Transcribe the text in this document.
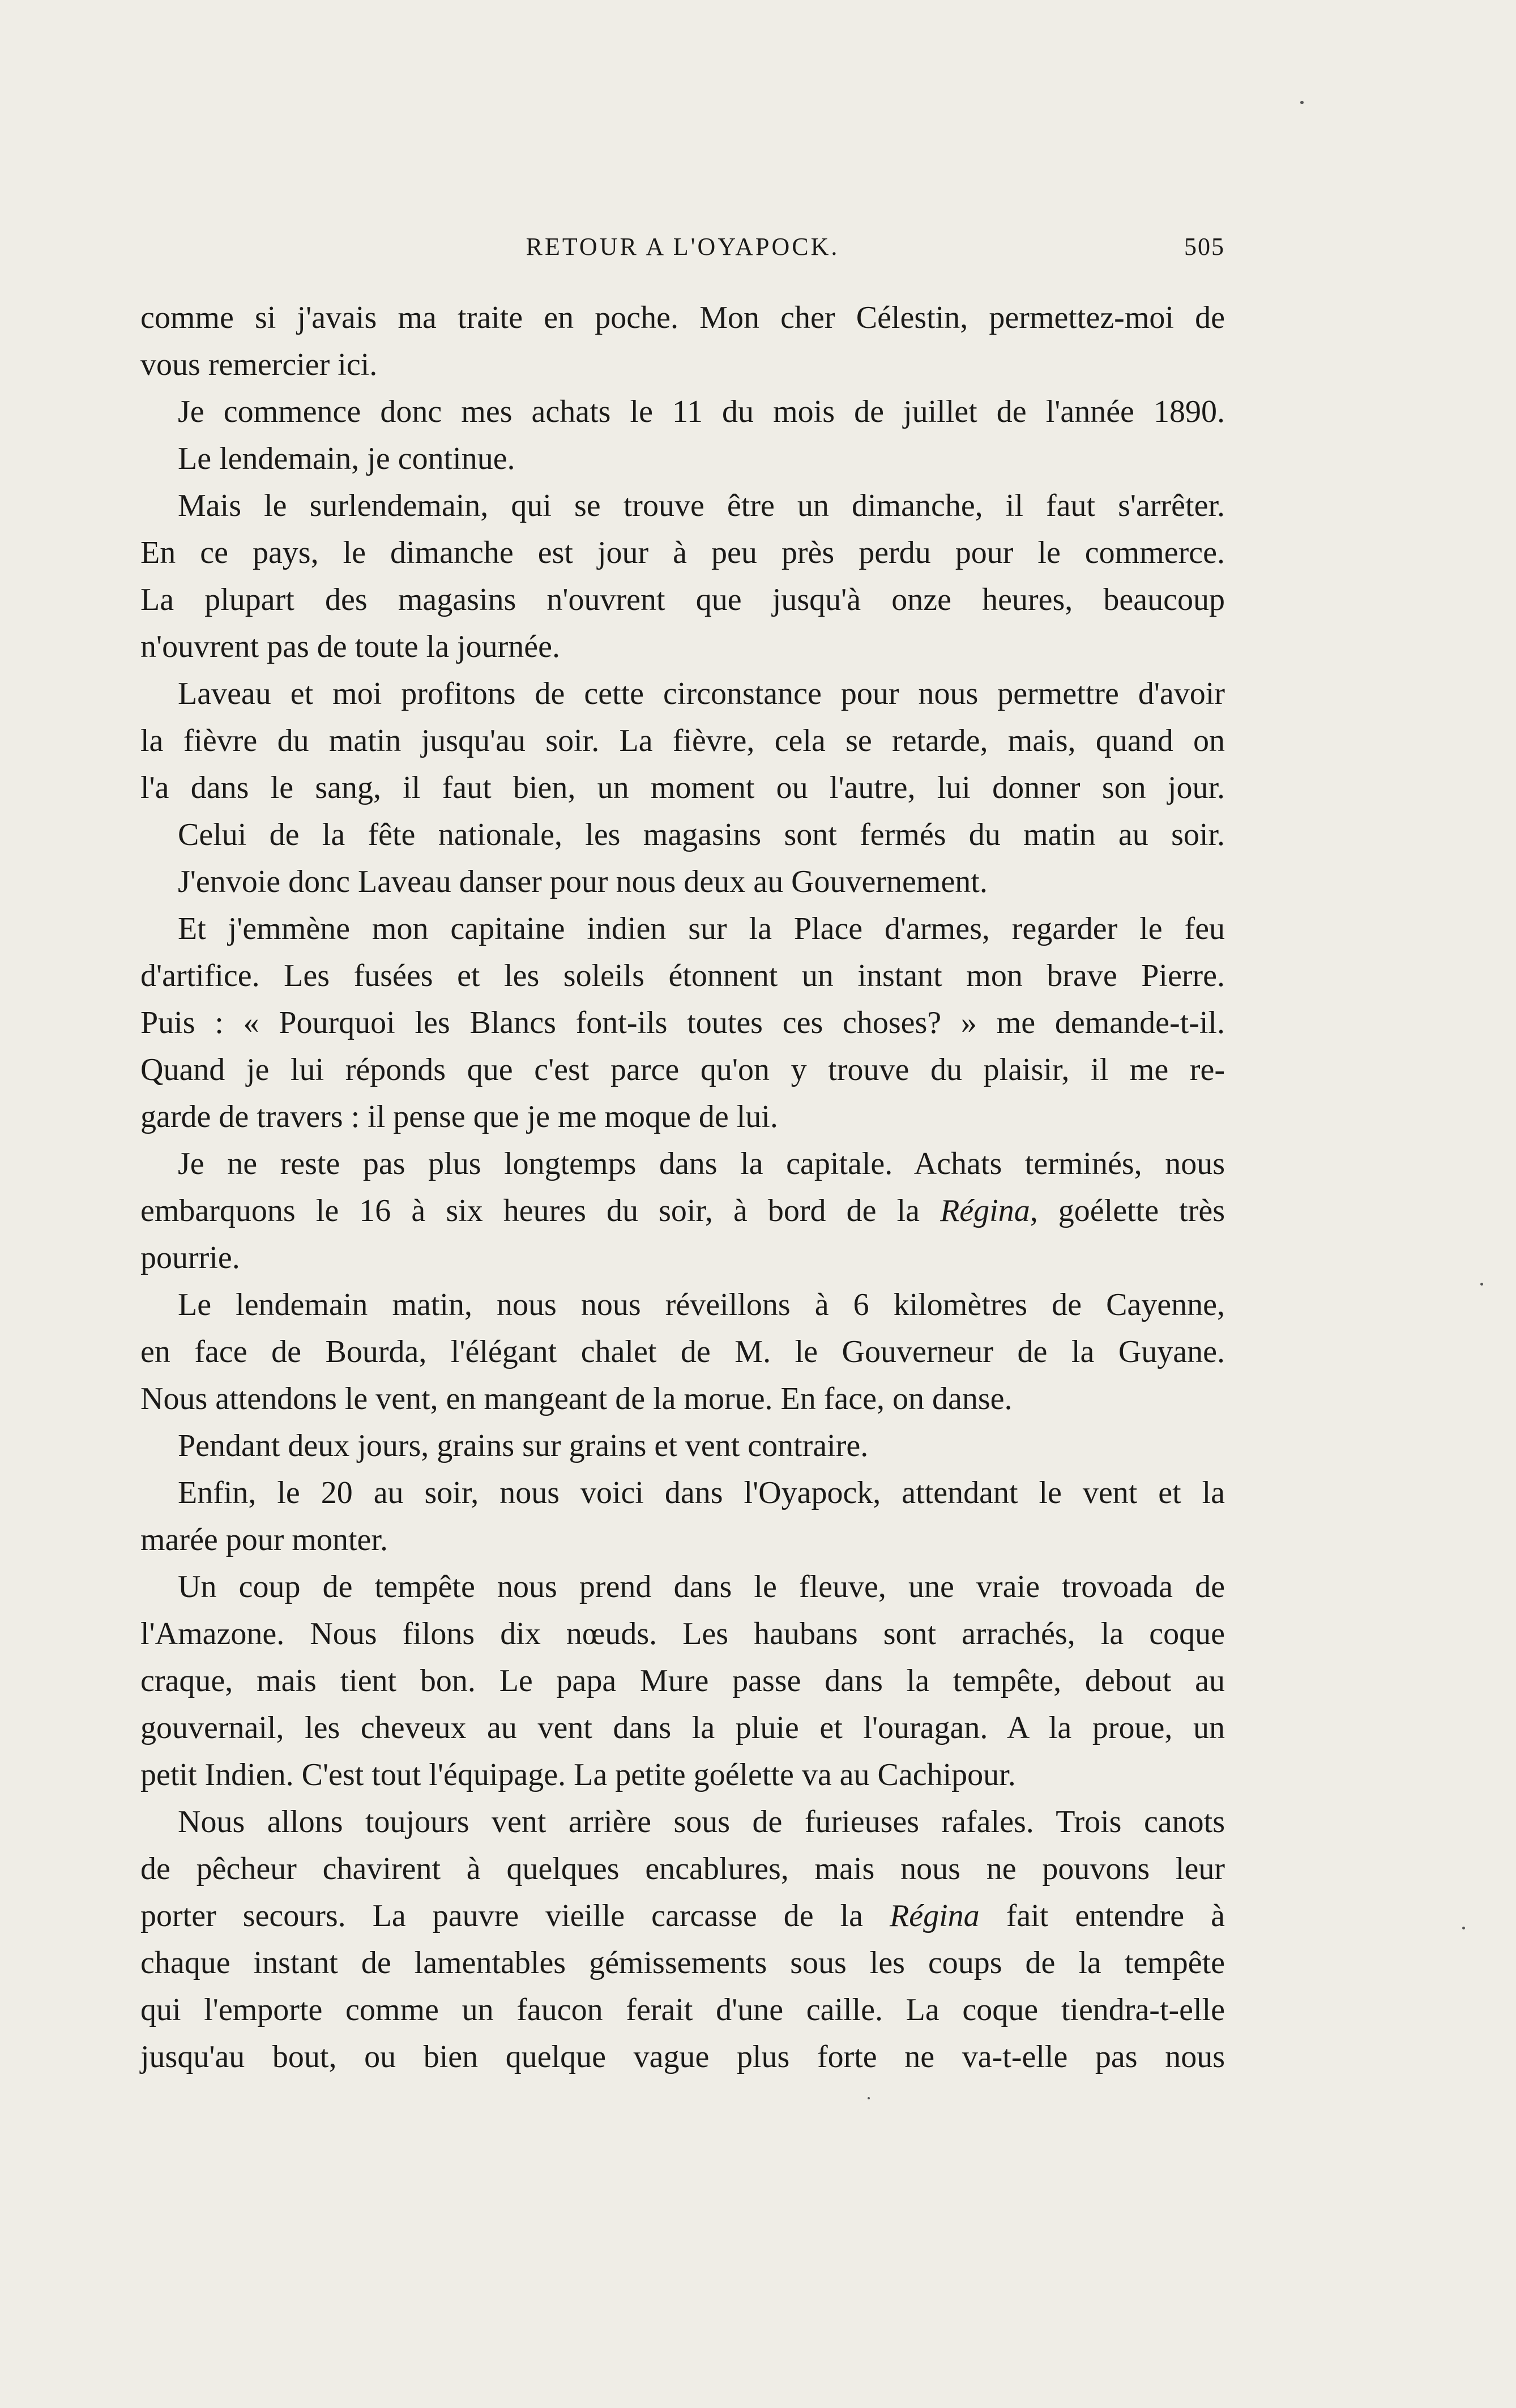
RETOUR A L'OYAPOCK.	505
comme si j'avais ma traite en poche. Mon cher Célestin, permettez-moi de
vous remercier ici.
Je commence donc mes achats le 11 du mois de juillet de l'année 1890.
Le lendemain, je continue.
Mais le surlendemain, qui se trouve être un dimanche, il faut s'arrêter.
En ce pays, le dimanche est jour à peu près perdu pour le commerce.
La plupart des magasins n'ouvrent que jusqu'à onze heures, beaucoup
n'ouvrent pas de toute la journée.
Laveau et moi profitons de cette circonstance pour nous permettre d'avoir
la fièvre du matin jusqu'au soir. La fièvre, cela se retarde, mais, quand on
l'a dans le sang, il faut bien, un moment ou l'autre, lui donner son jour.
Celui de la fête nationale, les magasins sont fermés du matin au soir.
J'envoie donc Laveau danser pour nous deux au Gouvernement.
Et j'emmène mon capitaine indien sur la Place d'armes, regarder le feu
d'artifice. Les fusées et les soleils étonnent un instant mon brave Pierre.
Puis : « Pourquoi les Blancs font-ils toutes ces choses? » me demande-t-il.
Quand je lui réponds que c'est parce qu'on y trouve du plaisir, il me re-
garde de travers : il pense que je me moque de lui.
Je ne reste pas plus longtemps dans la capitale. Achats terminés, nous
embarquons le 16 à six heures du soir, à bord de la Régina, goélette très
pourrie.
Le lendemain matin, nous nous réveillons à 6 kilomètres de Cayenne,
en face de Bourda, l'élégant chalet de M. le Gouverneur de la Guyane.
Nous attendons le vent, en mangeant de la morue. En face, on danse.
Pendant deux jours, grains sur grains et vent contraire.
Enfin, le 20 au soir, nous voici dans l'Oyapock, attendant le vent et la
marée pour monter.
Un coup de tempête nous prend dans le fleuve, une vraie trovoada de
l'Amazone. Nous filons dix nœuds. Les haubans sont arrachés, la coque
craque, mais tient bon. Le papa Mure passe dans la tempête, debout au
gouvernail, les cheveux au vent dans la pluie et l'ouragan. A la proue, un
petit Indien. C'est tout l'équipage. La petite goélette va au Cachipour.
Nous allons toujours vent arrière sous de furieuses rafales. Trois canots
de pêcheur chavirent à quelques encablures, mais nous ne pouvons leur
porter secours. La pauvre vieille carcasse de la Régina fait entendre à
chaque instant de lamentables gémissements sous les coups de la tempête
qui l'emporte comme un faucon ferait d'une caille. La coque tiendra-t-elle
jusqu'au bout, ou bien quelque vague plus forte ne va-t-elle pas nous
